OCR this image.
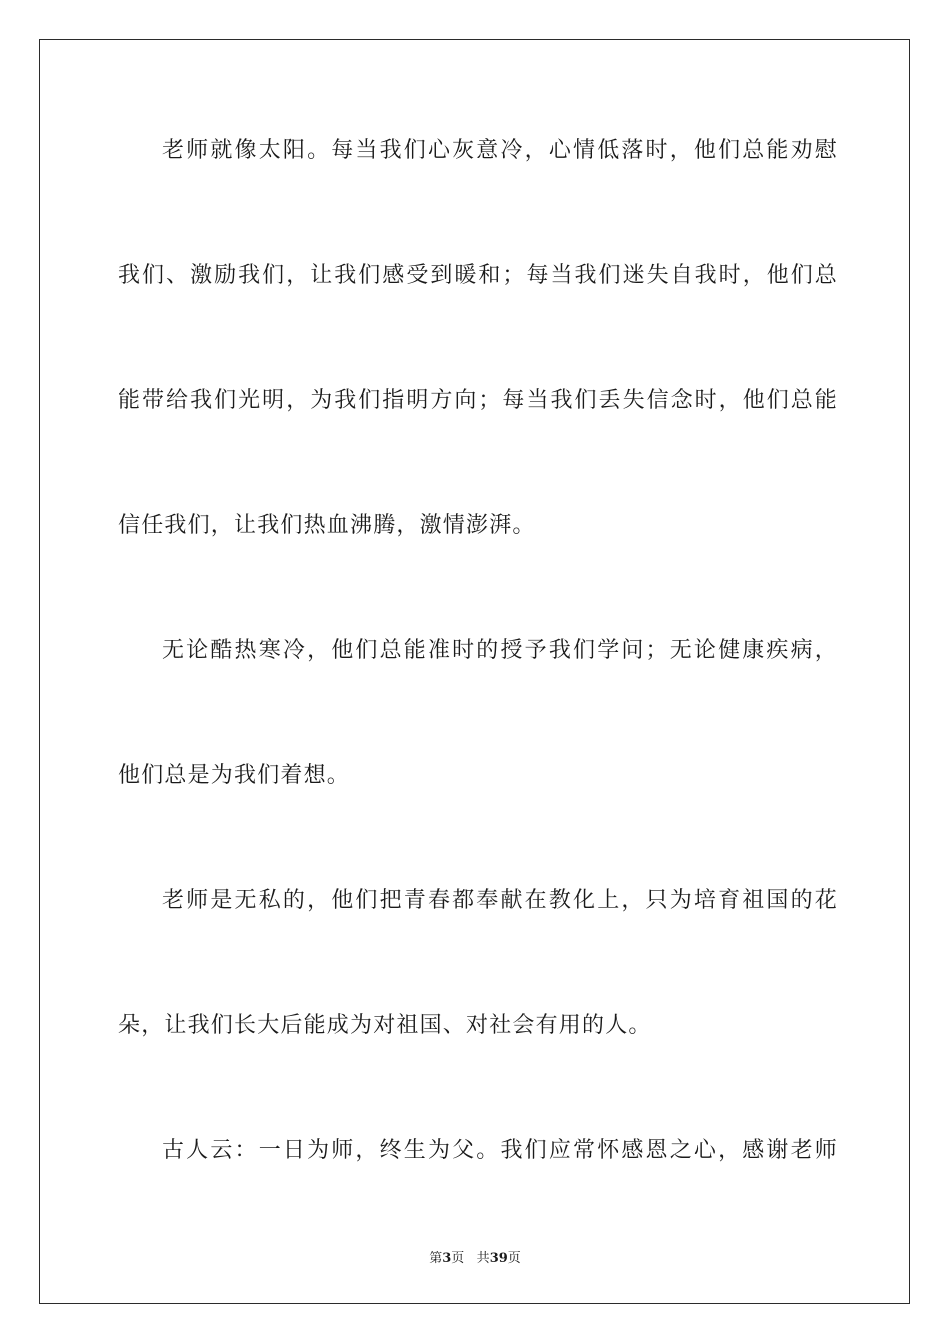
老师就像太阳。每当我们心灰意冷，心情低落时，他们总能劝慰
我们、激励我们，让我们感受到暖和；每当我们迷失自我时，他们总
能带给我们光明，为我们指明方向；每当我们丢失信念时，他们总能
信任我们，让我们热血沸腾，激情澎湃。
无论酷热寒冷，他们总能准时的授予我们学问；无论健康疾病，
他们总是为我们着想。
老师是无私的，他们把青春都奉献在教化上，只为培育祖国的花
朵，让我们长大后能成为对祖国、对社会有用的人。
古人云：一日为师，终生为父。我们应常怀感恩之心，感谢老师
第3页 共39页
